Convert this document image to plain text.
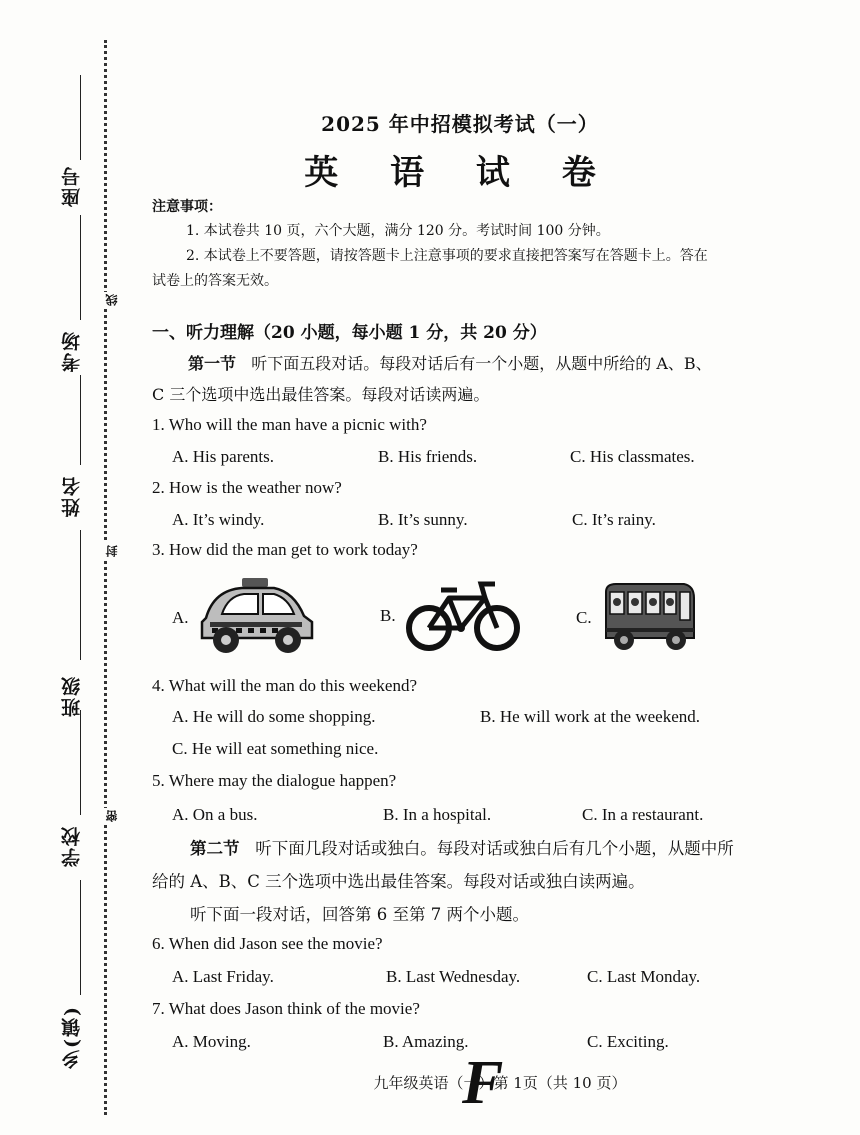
座号
考场
姓名
班级
学校
乡(镇)
线
封
密
2025 年中招模拟考试（一）
英 语 试 卷
注意事项：
1. 本试卷共 10 页，六个大题，满分 120 分。考试时间 100 分钟。
2. 本试卷上不要答题，请按答题卡上注意事项的要求直接把答案写在答题卡上。答在
试卷上的答案无效。
一、听力理解（20 小题，每小题 1 分，共 20 分）
第一节 听下面五段对话。每段对话后有一个小题，从题中所给的 A、B、
C 三个选项中选出最佳答案。每段对话读两遍。
1. Who will the man have a picnic with?
A. His parents.	B. His friends.	C. His classmates.
2. How is the weather now?
A. It’s windy.	B. It’s sunny.	C. It’s rainy.
3. How did the man get to work today?
A.	B.	C.
4. What will the man do this weekend?
A. He will do some shopping.	B. He will work at the weekend.
C. He will eat something nice.
5. Where may the dialogue happen?
A. On a bus.	B. In a hospital.	C. In a restaurant.
第二节 听下面几段对话或独白。每段对话或独白后有几个小题，从题中所
给的 A、B、C 三个选项中选出最佳答案。每段对话或独白读两遍。
听下面一段对话，回答第 6 至第 7 两个小题。
6. When did Jason see the movie?
A. Last Friday.	B. Last Wednesday.	C. Last Monday.
7. What does Jason think of the movie?
A. Moving.	B. Amazing.	C. Exciting.
九年级英语（一）第 1页（共 10 页）
F
